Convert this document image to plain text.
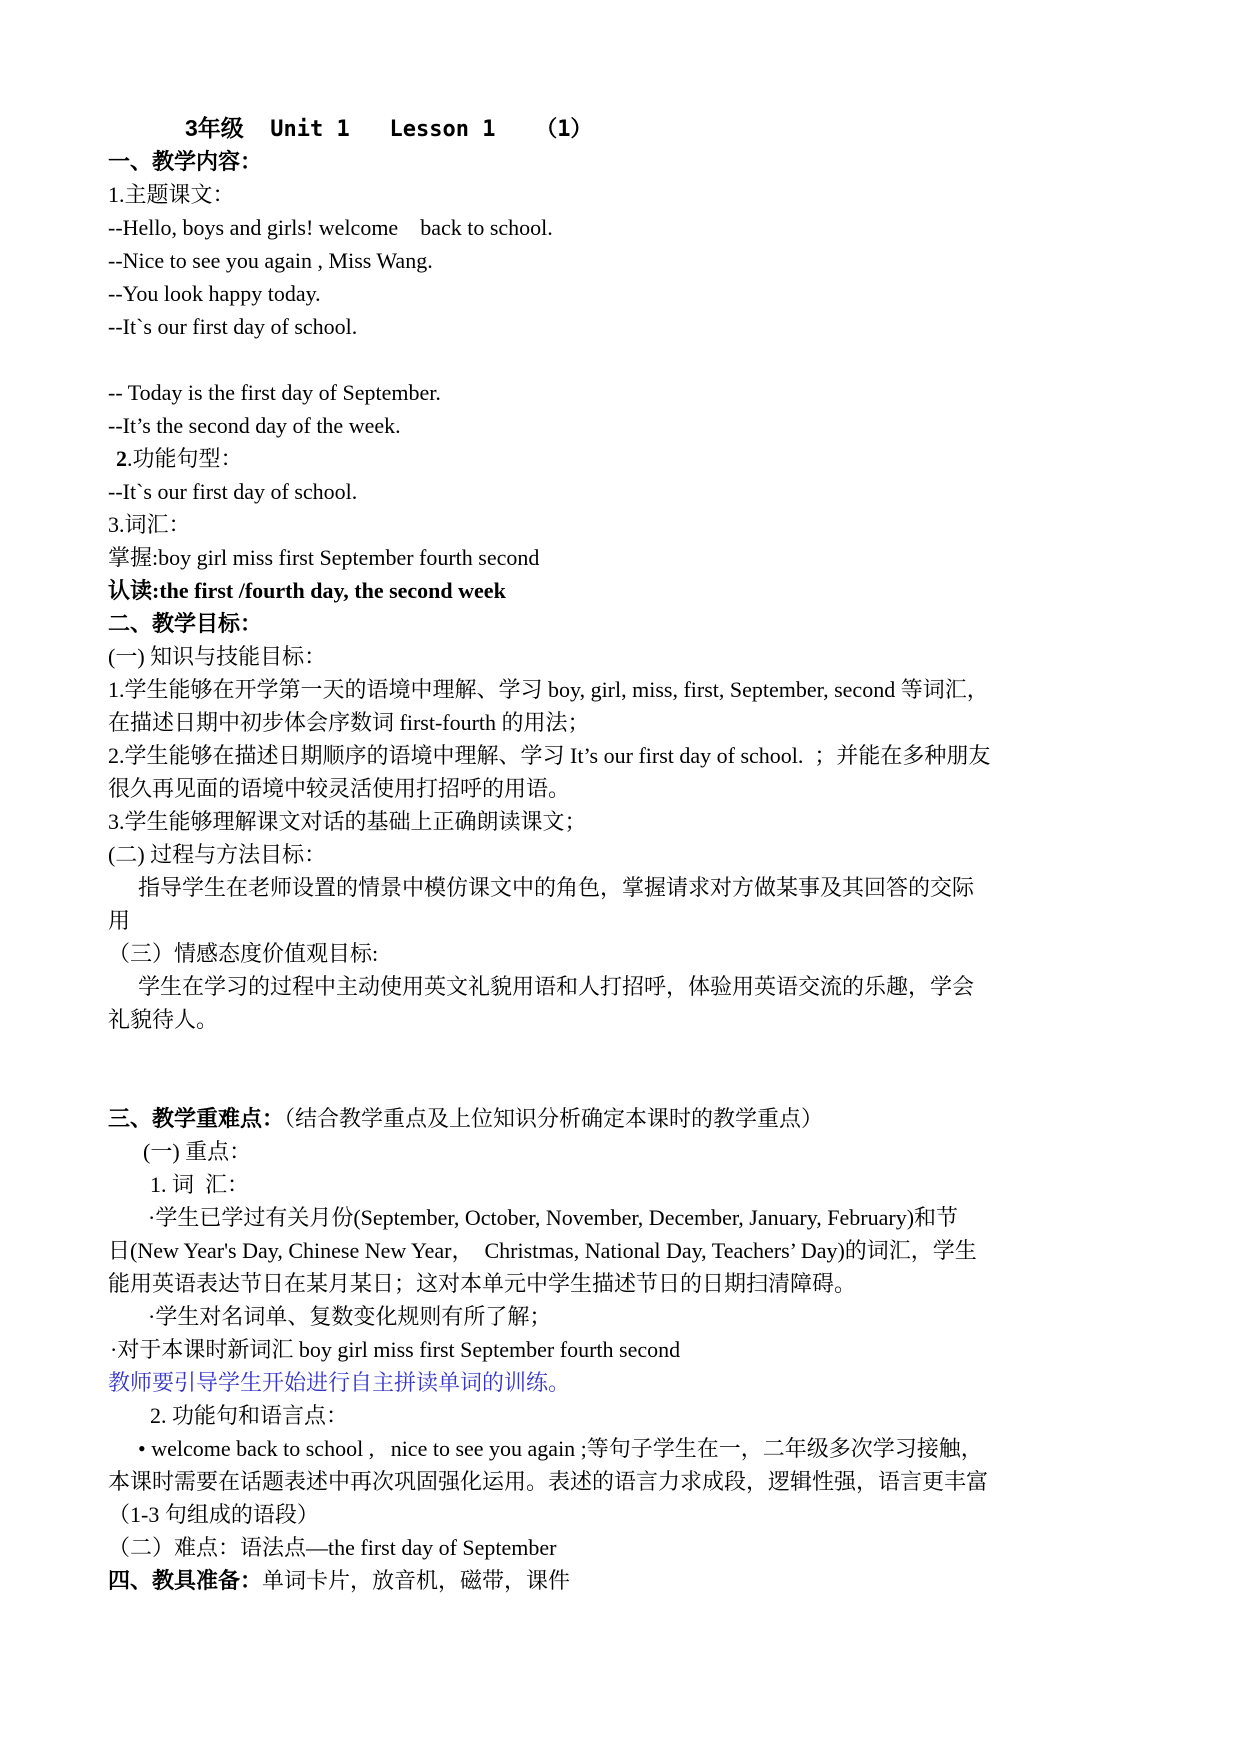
3年级  Unit 1   Lesson 1   （1）
一、教学内容：
1.主题课文：
--Hello, boys and girls! welcome    back to school.
--Nice to see you again , Miss Wang.
--You look happy today.
--It`s our first day of school.
-- Today is the first day of September.
--It’s the second day of the week.
2.功能句型：
--It`s our first day of school.
3.词汇：
掌握:boy girl miss first September fourth second
认读:the first /fourth day, the second week
二、教学目标：
(一) 知识与技能目标：
1.学生能够在开学第一天的语境中理解、学习 boy, girl, miss, first, September, second 等词汇，
在描述日期中初步体会序数词 first-fourth 的用法；
2.学生能够在描述日期顺序的语境中理解、学习 It’s our first day of school.  ；并能在多种朋友
很久再见面的语境中较灵活使用打招呼的用语。
3.学生能够理解课文对话的基础上正确朗读课文；
(二) 过程与方法目标：
指导学生在老师设置的情景中模仿课文中的角色，掌握请求对方做某事及其回答的交际
用
（三）情感态度价值观目标:
学生在学习的过程中主动使用英文礼貌用语和人打招呼，体验用英语交流的乐趣，学会
礼貌待人。
三、教学重难点：（结合教学重点及上位知识分析确定本课时的教学重点）
(一) 重点：
1. 词  汇：
·学生已学过有关月份(September, October, November, December, January, February)和节
日(New Year's Day, Chinese New Year，  Christmas, National Day, Teachers’ Day)的词汇，学生
能用英语表达节日在某月某日；这对本单元中学生描述节日的日期扫清障碍。
·学生对名词单、复数变化规则有所了解；
·对于本课时新词汇 boy girl miss first September fourth second
教师要引导学生开始进行自主拼读单词的训练。
2. 功能句和语言点：
• welcome back to school ,   nice to see you again ;等句子学生在一，二年级多次学习接触，
本课时需要在话题表述中再次巩固强化运用。表述的语言力求成段，逻辑性强，语言更丰富
（1-3 句组成的语段）
（二）难点：语法点—the first day of September
四、教具准备：单词卡片，放音机，磁带，课件
